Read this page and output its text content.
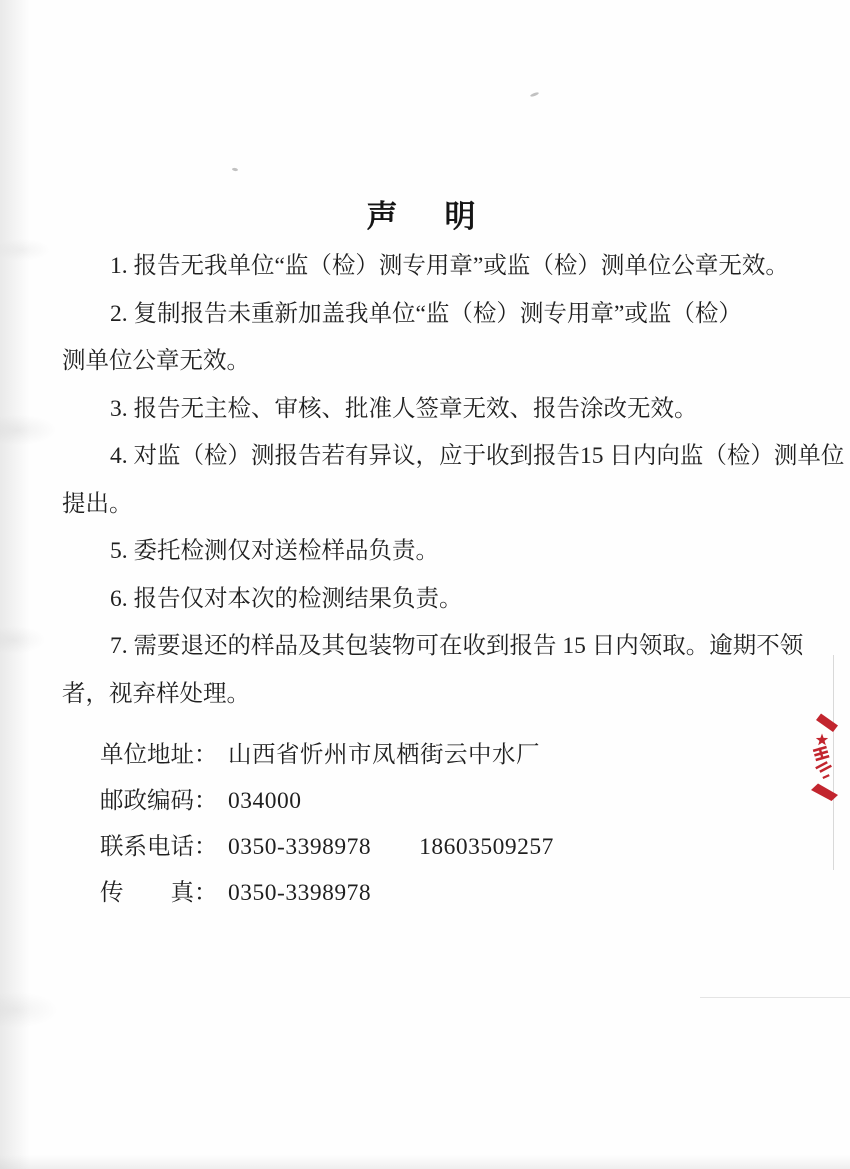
声　明

1. 报告无我单位“监（检）测专用章”或监（检）测单位公章无效。

2. 复制报告未重新加盖我单位“监（检）测专用章”或监（检）
测单位公章无效。

3. 报告无主检、审核、批准人签章无效、报告涂改无效。

4. 对监（检）测报告若有异议，应于收到报告15 日内向监（检）测单位
提出。

5. 委托检测仅对送检样品负责。

6. 报告仅对本次的检测结果负责。

7. 需要退还的样品及其包装物可在收到报告 15 日内领取。逾期不领
者，视弃样处理。

单位地址： 山西省忻州市凤栖街云中水厂
邮政编码： 034000
联系电话： 0350-3398978　　18603509257
传　　真： 0350-3398978
